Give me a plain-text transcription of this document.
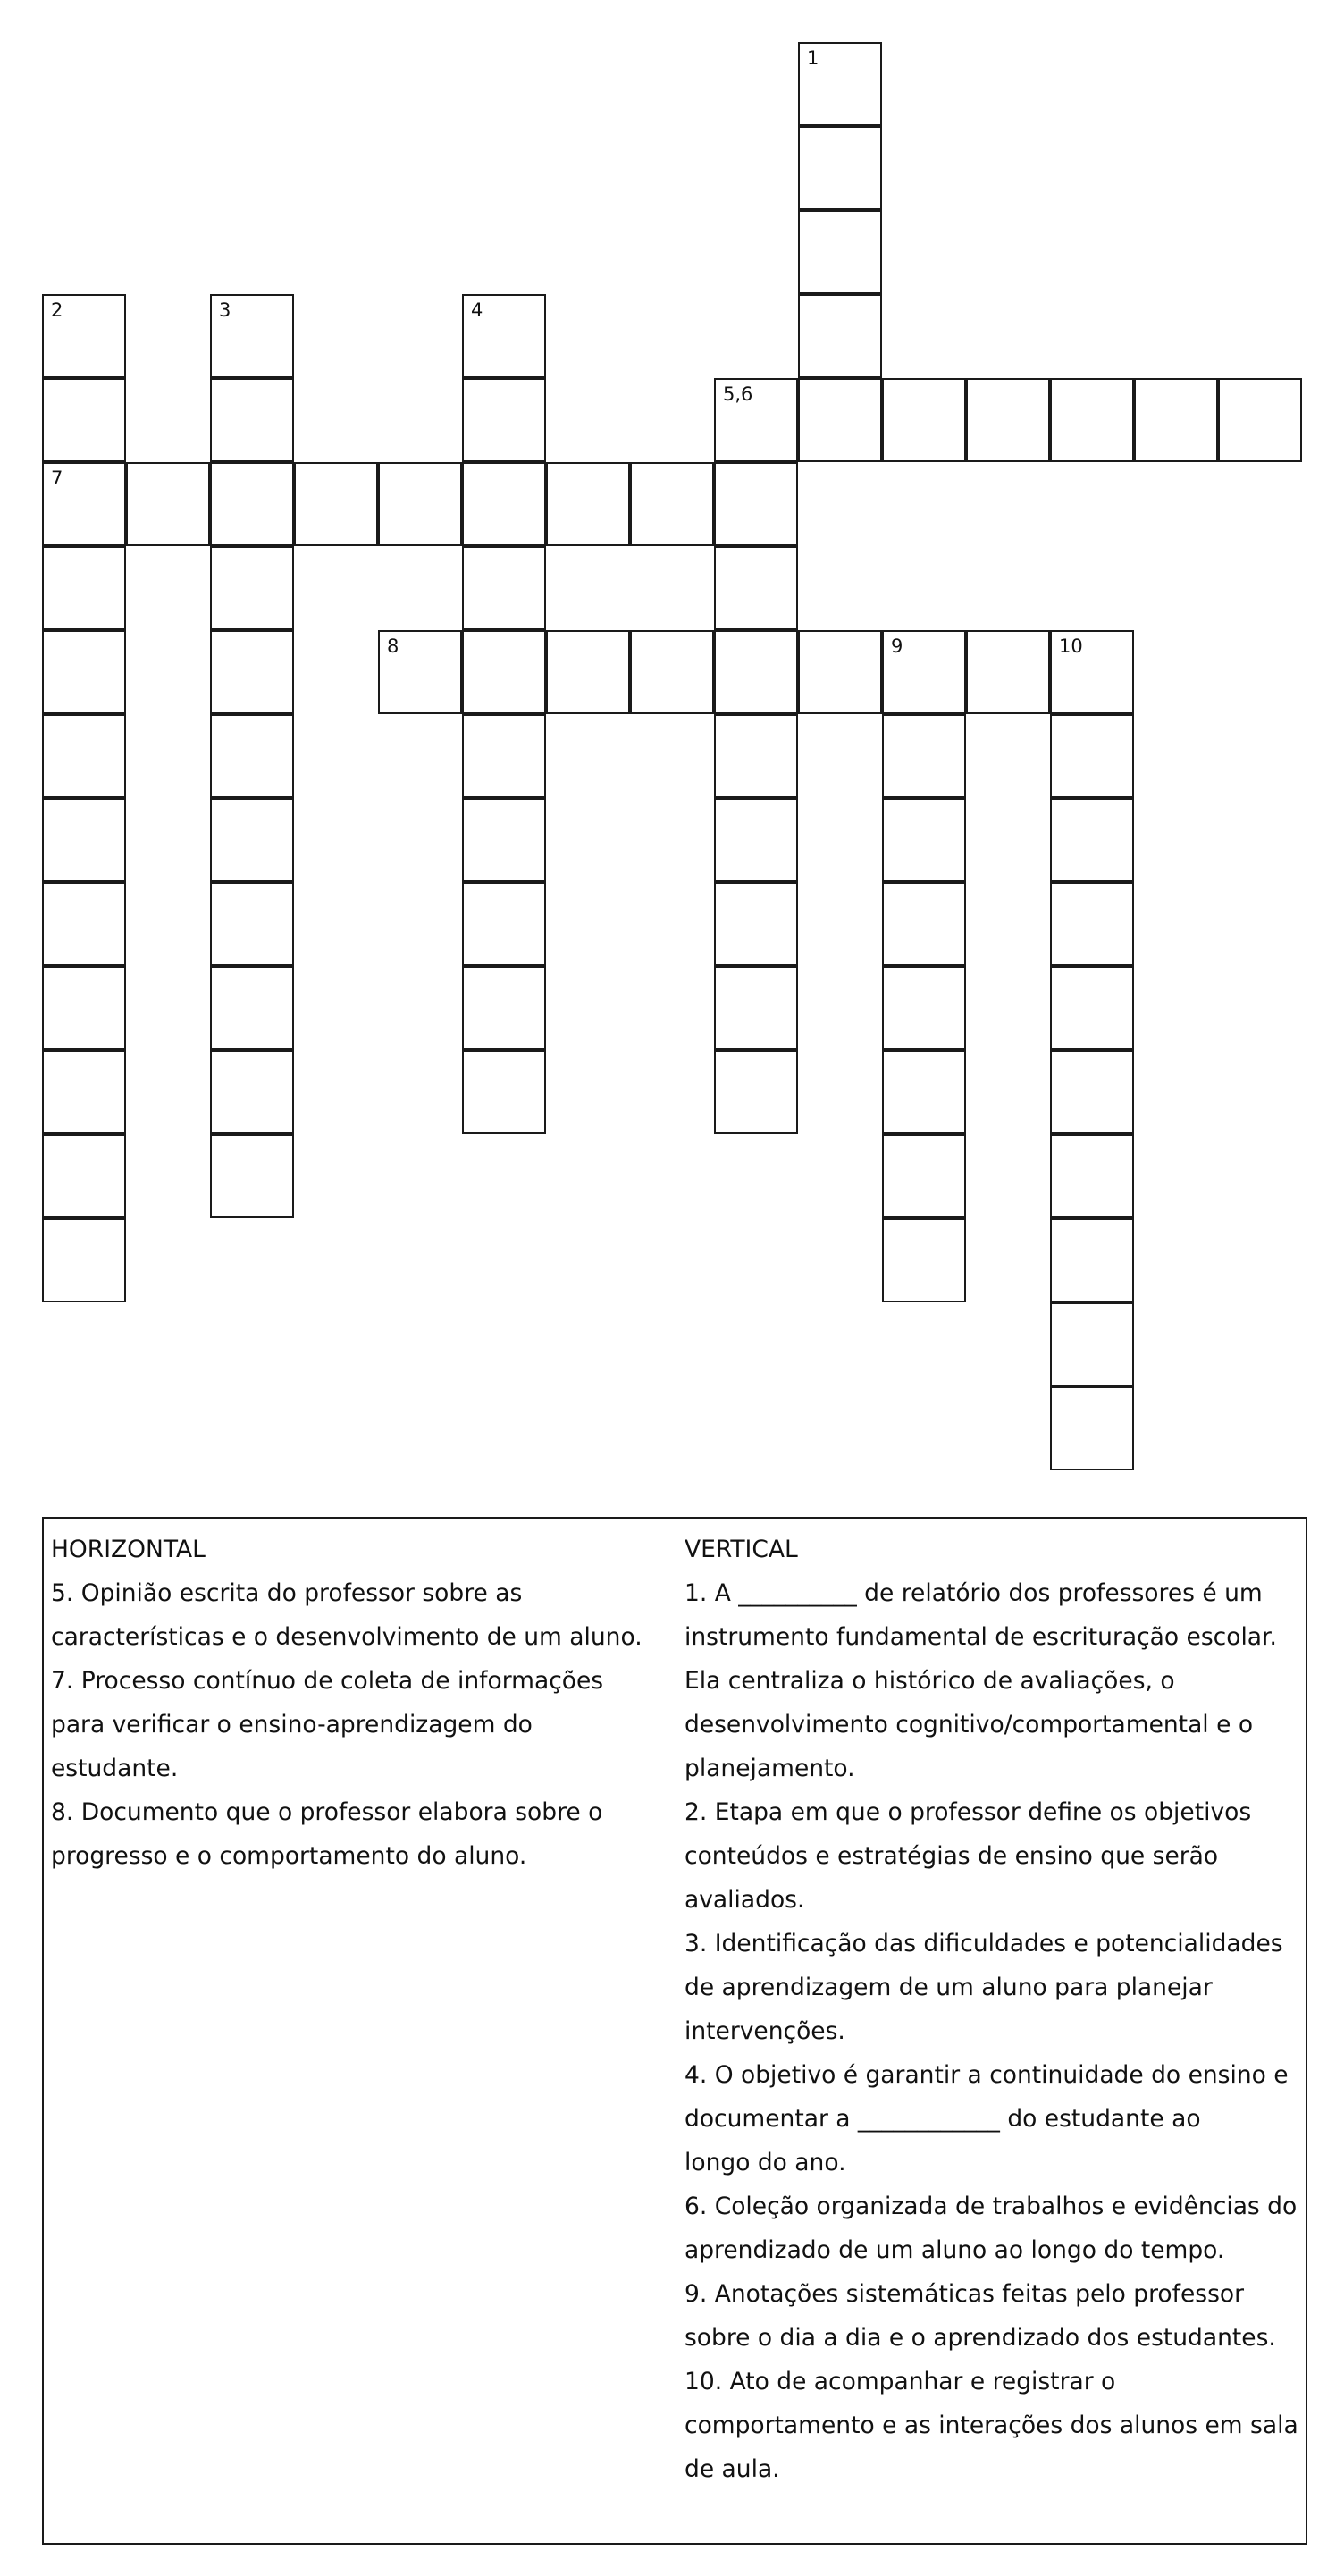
1
2
7
3	4
5,6
8	9	10
HORIZONTAL

5. Opinião escrita do professor sobre as
características e o desenvolvimento de um aluno.

7. Processo contínuo de coleta de informações
para verificar o ensino-aprendizagem do
estudante.

8. Documento que o professor elabora sobre o
progresso e o comportamento do aluno.

VERTICAL

1. A __________ de relatório dos professores é um
instrumento fundamental de escrituração escolar.
Ela centraliza o histórico de avaliações, o
desenvolvimento cognitivo/comportamental e o
planejamento.

2. Etapa em que o professor define os objetivos
conteúdos e estratégias de ensino que serão
avaliados.

3. Identificação das dificuldades e potencialidades
de aprendizagem de um aluno para planejar
intervenções.

4. O objetivo é garantir a continuidade do ensino e
documentar a ____________ do estudante ao
longo do ano.

6. Coleção organizada de trabalhos e evidências do
aprendizado de um aluno ao longo do tempo.

9. Anotações sistemáticas feitas pelo professor
sobre o dia a dia e o aprendizado dos estudantes.

10. Ato de acompanhar e registrar o
comportamento e as interações dos alunos em sala
de aula.
